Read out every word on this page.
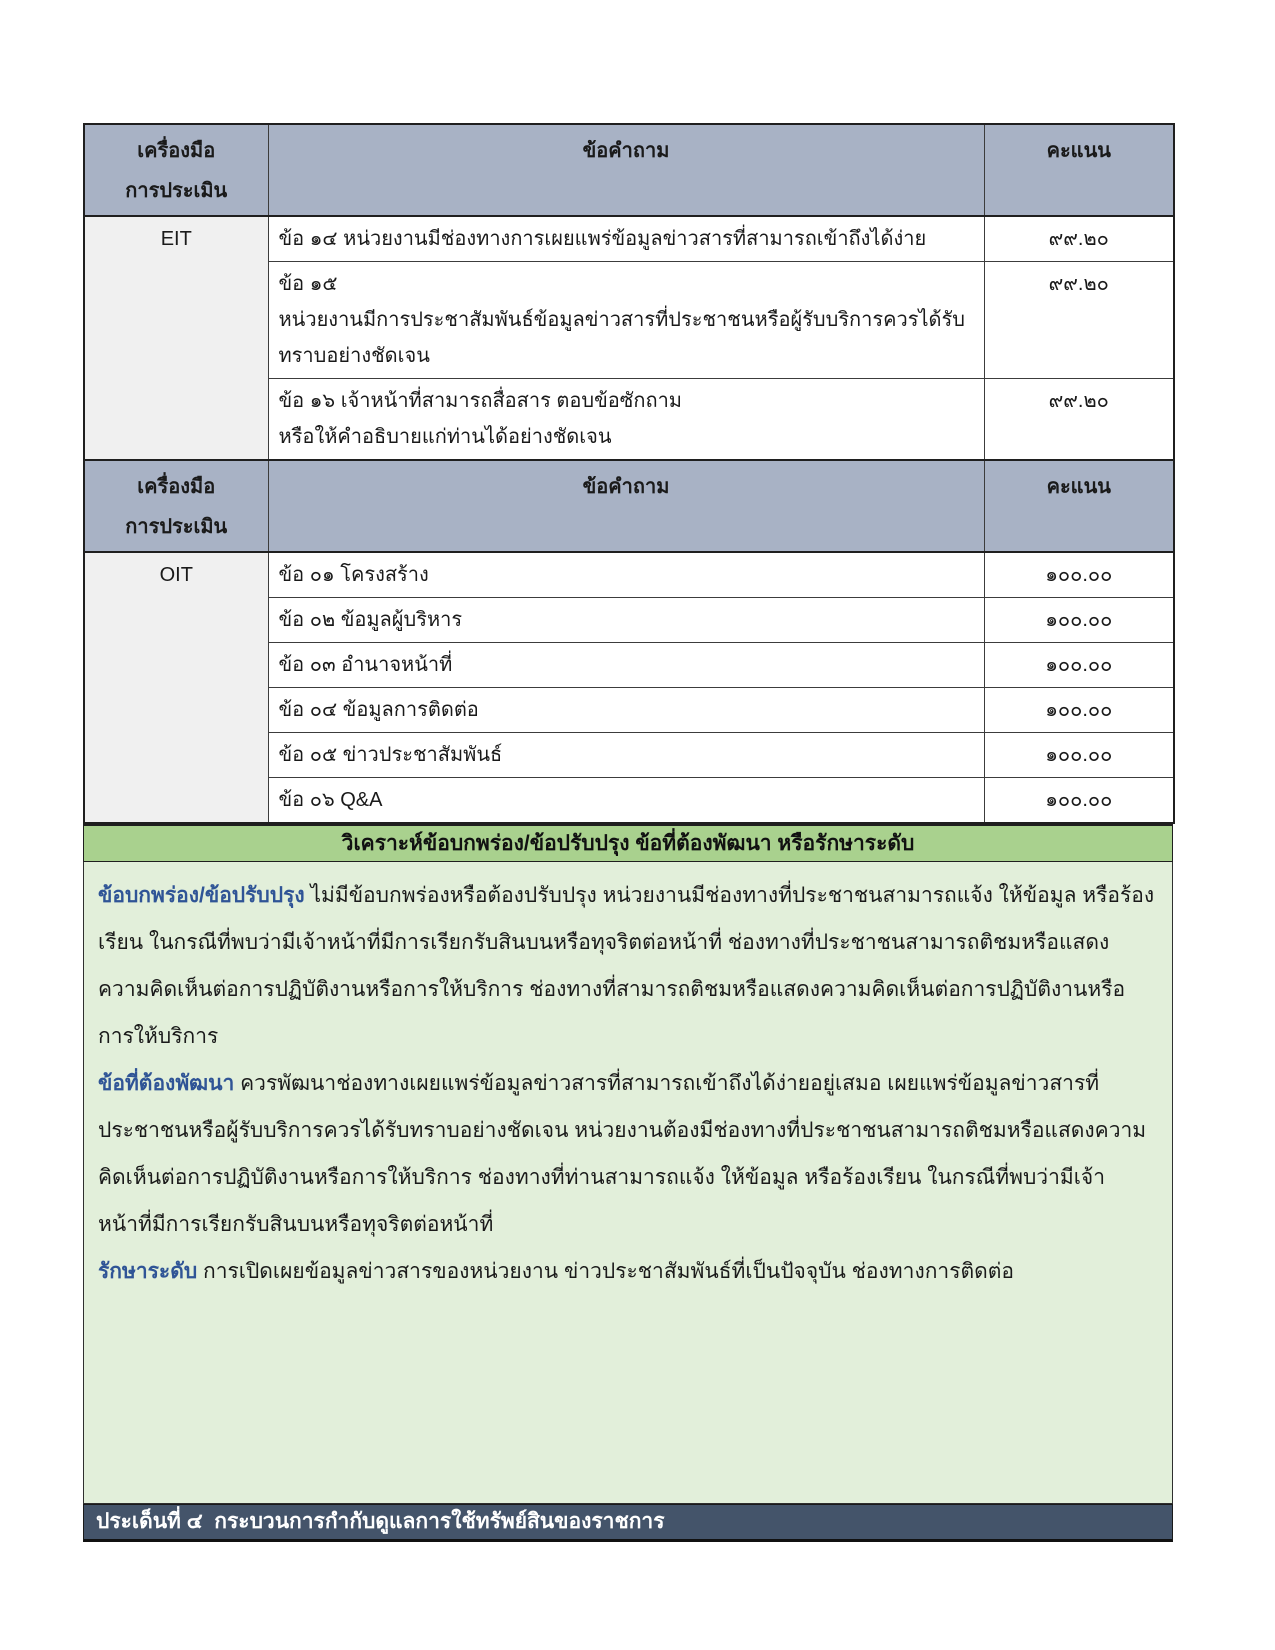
เครื่องมือ
การประเมิน	ข้อคำถาม	คะแนน
EIT	ข้อ ๑๔ หน่วยงานมีช่องทางการเผยแพร่ข้อมูลข่าวสารที่สามารถเข้าถึงได้ง่าย	๙๙.๒๐

	ข้อ ๑๕
หน่วยงานมีการประชาสัมพันธ์ข้อมูลข่าวสารที่ประชาชนหรือผู้รับบริการควรได้รับทราบอย่างชัดเจน	๙๙.๒๐

	ข้อ ๑๖ เจ้าหน้าที่สามารถสื่อสาร ตอบข้อซักถาม
หรือให้คำอธิบายแก่ท่านได้อย่างชัดเจน	๙๙.๒๐

เครื่องมือ
การประเมิน	ข้อคำถาม	คะแนน
OIT	ข้อ ๐๑ โครงสร้าง	๑๐๐.๐๐

	ข้อ ๐๒ ข้อมูลผู้บริหาร	๑๐๐.๐๐

	ข้อ ๐๓ อำนาจหน้าที่	๑๐๐.๐๐

	ข้อ ๐๔ ข้อมูลการติดต่อ	๑๐๐.๐๐

	ข้อ ๐๕ ข่าวประชาสัมพันธ์	๑๐๐.๐๐

	ข้อ ๐๖ Q&A	๑๐๐.๐๐
วิเคราะห์ข้อบกพร่อง/ข้อปรับปรุง ข้อที่ต้องพัฒนา หรือรักษาระดับ

ข้อบกพร่อง/ข้อปรับปรุง ไม่มีข้อบกพร่องหรือต้องปรับปรุง หน่วยงานมีช่องทางที่ประชาชนสามารถแจ้ง ให้ข้อมูล หรือร้องเรียน ในกรณีที่พบว่ามีเจ้าหน้าที่มีการเรียกรับสินบนหรือทุจริตต่อหน้าที่ ช่องทางที่ประชาชนสามารถติชมหรือแสดงความคิดเห็นต่อการปฏิบัติงานหรือการให้บริการ ช่องทางที่สามารถติชมหรือแสดงความคิดเห็นต่อการปฏิบัติงานหรือการให้บริการ

ข้อที่ต้องพัฒนา ควรพัฒนาช่องทางเผยแพร่ข้อมูลข่าวสารที่สามารถเข้าถึงได้ง่ายอยู่เสมอ เผยแพร่ข้อมูลข่าวสารที่ประชาชนหรือผู้รับบริการควรได้รับทราบอย่างชัดเจน หน่วยงานต้องมีช่องทางที่ประชาชนสามารถติชมหรือแสดงความคิดเห็นต่อการปฏิบัติงานหรือการให้บริการ ช่องทางที่ท่านสามารถแจ้ง ให้ข้อมูล หรือร้องเรียน ในกรณีที่พบว่ามีเจ้าหน้าที่มีการเรียกรับสินบนหรือทุจริตต่อหน้าที่

รักษาระดับ การเปิดเผยข้อมูลข่าวสารของหน่วยงาน ข่าวประชาสัมพันธ์ที่เป็นปัจจุบัน ช่องทางการติดต่อ

ประเด็นที่ ๔  กระบวนการกำกับดูแลการใช้ทรัพย์สินของราชการ
